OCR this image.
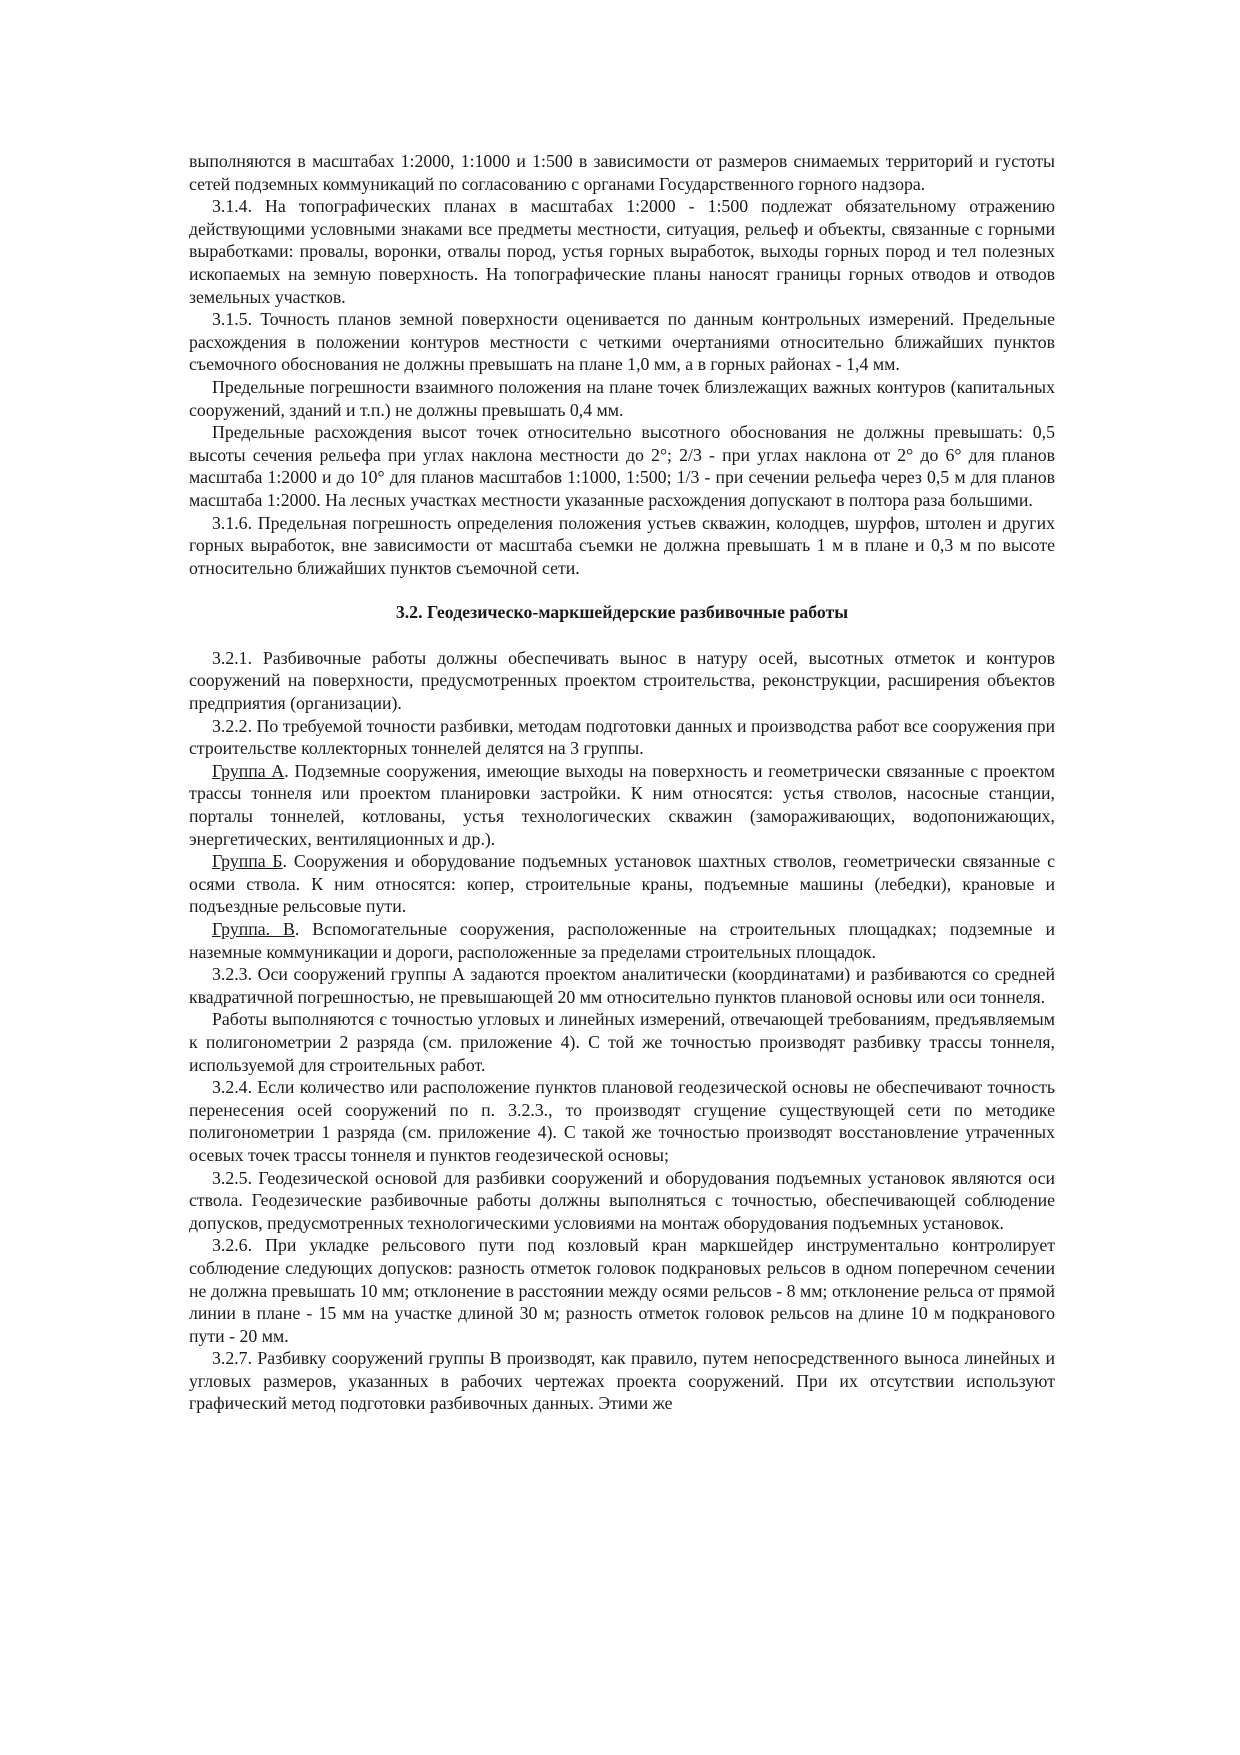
выполняются в масштабах 1:2000, 1:1000 и 1:500 в зависимости от размеров снимаемых территорий и густоты сетей подземных коммуникаций по согласованию с органами Государственного горного надзора.

3.1.4. На топографических планах в масштабах 1:2000 - 1:500 подлежат обязательному отражению действующими условными знаками все предметы местности, ситуация, рельеф и объекты, связанные с горными выработками: провалы, воронки, отвалы пород, устья горных выработок, выходы горных пород и тел полезных ископаемых на земную поверхность. На топографические планы наносят границы горных отводов и отводов земельных участков.

3.1.5. Точность планов земной поверхности оценивается по данным контрольных измерений. Предельные расхождения в положении контуров местности с четкими очертаниями относительно ближайших пунктов съемочного обоснования не должны превышать на плане 1,0 мм, а в горных районах - 1,4 мм.

Предельные погрешности взаимного положения на плане точек близлежащих важных контуров (капитальных сооружений, зданий и т.п.) не должны превышать 0,4 мм.

Предельные расхождения высот точек относительно высотного обоснования не должны превышать: 0,5 высоты сечения рельефа при углах наклона местности до 2°; 2/3 - при углах наклона от 2° до 6° для планов масштаба 1:2000 и до 10° для планов масштабов 1:1000, 1:500; 1/3 - при сечении рельефа через 0,5 м для планов масштаба 1:2000. На лесных участках местности указанные расхождения допускают в полтора раза большими.

3.1.6. Предельная погрешность определения положения устьев скважин, колодцев, шурфов, штолен и других горных выработок, вне зависимости от масштаба съемки не должна превышать 1 м в плане и 0,3 м по высоте относительно ближайших пунктов съемочной сети.

3.2. Геодезическо-маркшейдерские разбивочные работы

3.2.1. Разбивочные работы должны обеспечивать вынос в натуру осей, высотных отметок и контуров сооружений на поверхности, предусмотренных проектом строительства, реконструкции, расширения объектов предприятия (организации).

3.2.2. По требуемой точности разбивки, методам подготовки данных и производства работ все сооружения при строительстве коллекторных тоннелей делятся на 3 группы.

Группа А. Подземные сооружения, имеющие выходы на поверхность и геометрически связанные с проектом трассы тоннеля или проектом планировки застройки. К ним относятся: устья стволов, насосные станции, порталы тоннелей, котлованы, устья технологических скважин (замораживающих, водопонижающих, энергетических, вентиляционных и др.).

Группа Б. Сооружения и оборудование подъемных установок шахтных стволов, геометрически связанные с осями ствола. К ним относятся: копер, строительные краны, подъемные машины (лебедки), крановые и подъездные рельсовые пути.

Группа. В. Вспомогательные сооружения, расположенные на строительных площадках; подземные и наземные коммуникации и дороги, расположенные за пределами строительных площадок.

3.2.3. Оси сооружений группы А задаются проектом аналитически (координатами) и разбиваются со средней квадратичной погрешностью, не превышающей 20 мм относительно пунктов плановой основы или оси тоннеля.

Работы выполняются с точностью угловых и линейных измерений, отвечающей требованиям, предъявляемым к полигонометрии 2 разряда (см. приложение 4). С той же точностью производят разбивку трассы тоннеля, используемой для строительных работ.

3.2.4. Если количество или расположение пунктов плановой геодезической основы не обеспечивают точность перенесения осей сооружений по п. 3.2.3., то производят сгущение существующей сети по методике полигонометрии 1 разряда (см. приложение 4). С такой же точностью производят восстановление утраченных осевых точек трассы тоннеля и пунктов геодезической основы;

3.2.5. Геодезической основой для разбивки сооружений и оборудования подъемных установок являются оси ствола. Геодезические разбивочные работы должны выполняться с точностью, обеспечивающей соблюдение допусков, предусмотренных технологическими условиями на монтаж оборудования подъемных установок.

3.2.6. При укладке рельсового пути под козловый кран маркшейдер инструментально контролирует соблюдение следующих допусков: разность отметок головок подкрановых рельсов в одном поперечном сечении не должна превышать 10 мм; отклонение в расстоянии между осями рельсов - 8 мм; отклонение рельса от прямой линии в плане - 15 мм на участке длиной 30 м; разность отметок головок рельсов на длине 10 м подкранового пути - 20 мм.

3.2.7. Разбивку сооружений группы В производят, как правило, путем непосредственного выноса линейных и угловых размеров, указанных в рабочих чертежах проекта сооружений. При их отсутствии используют графический метод подготовки разбивочных данных. Этими же
